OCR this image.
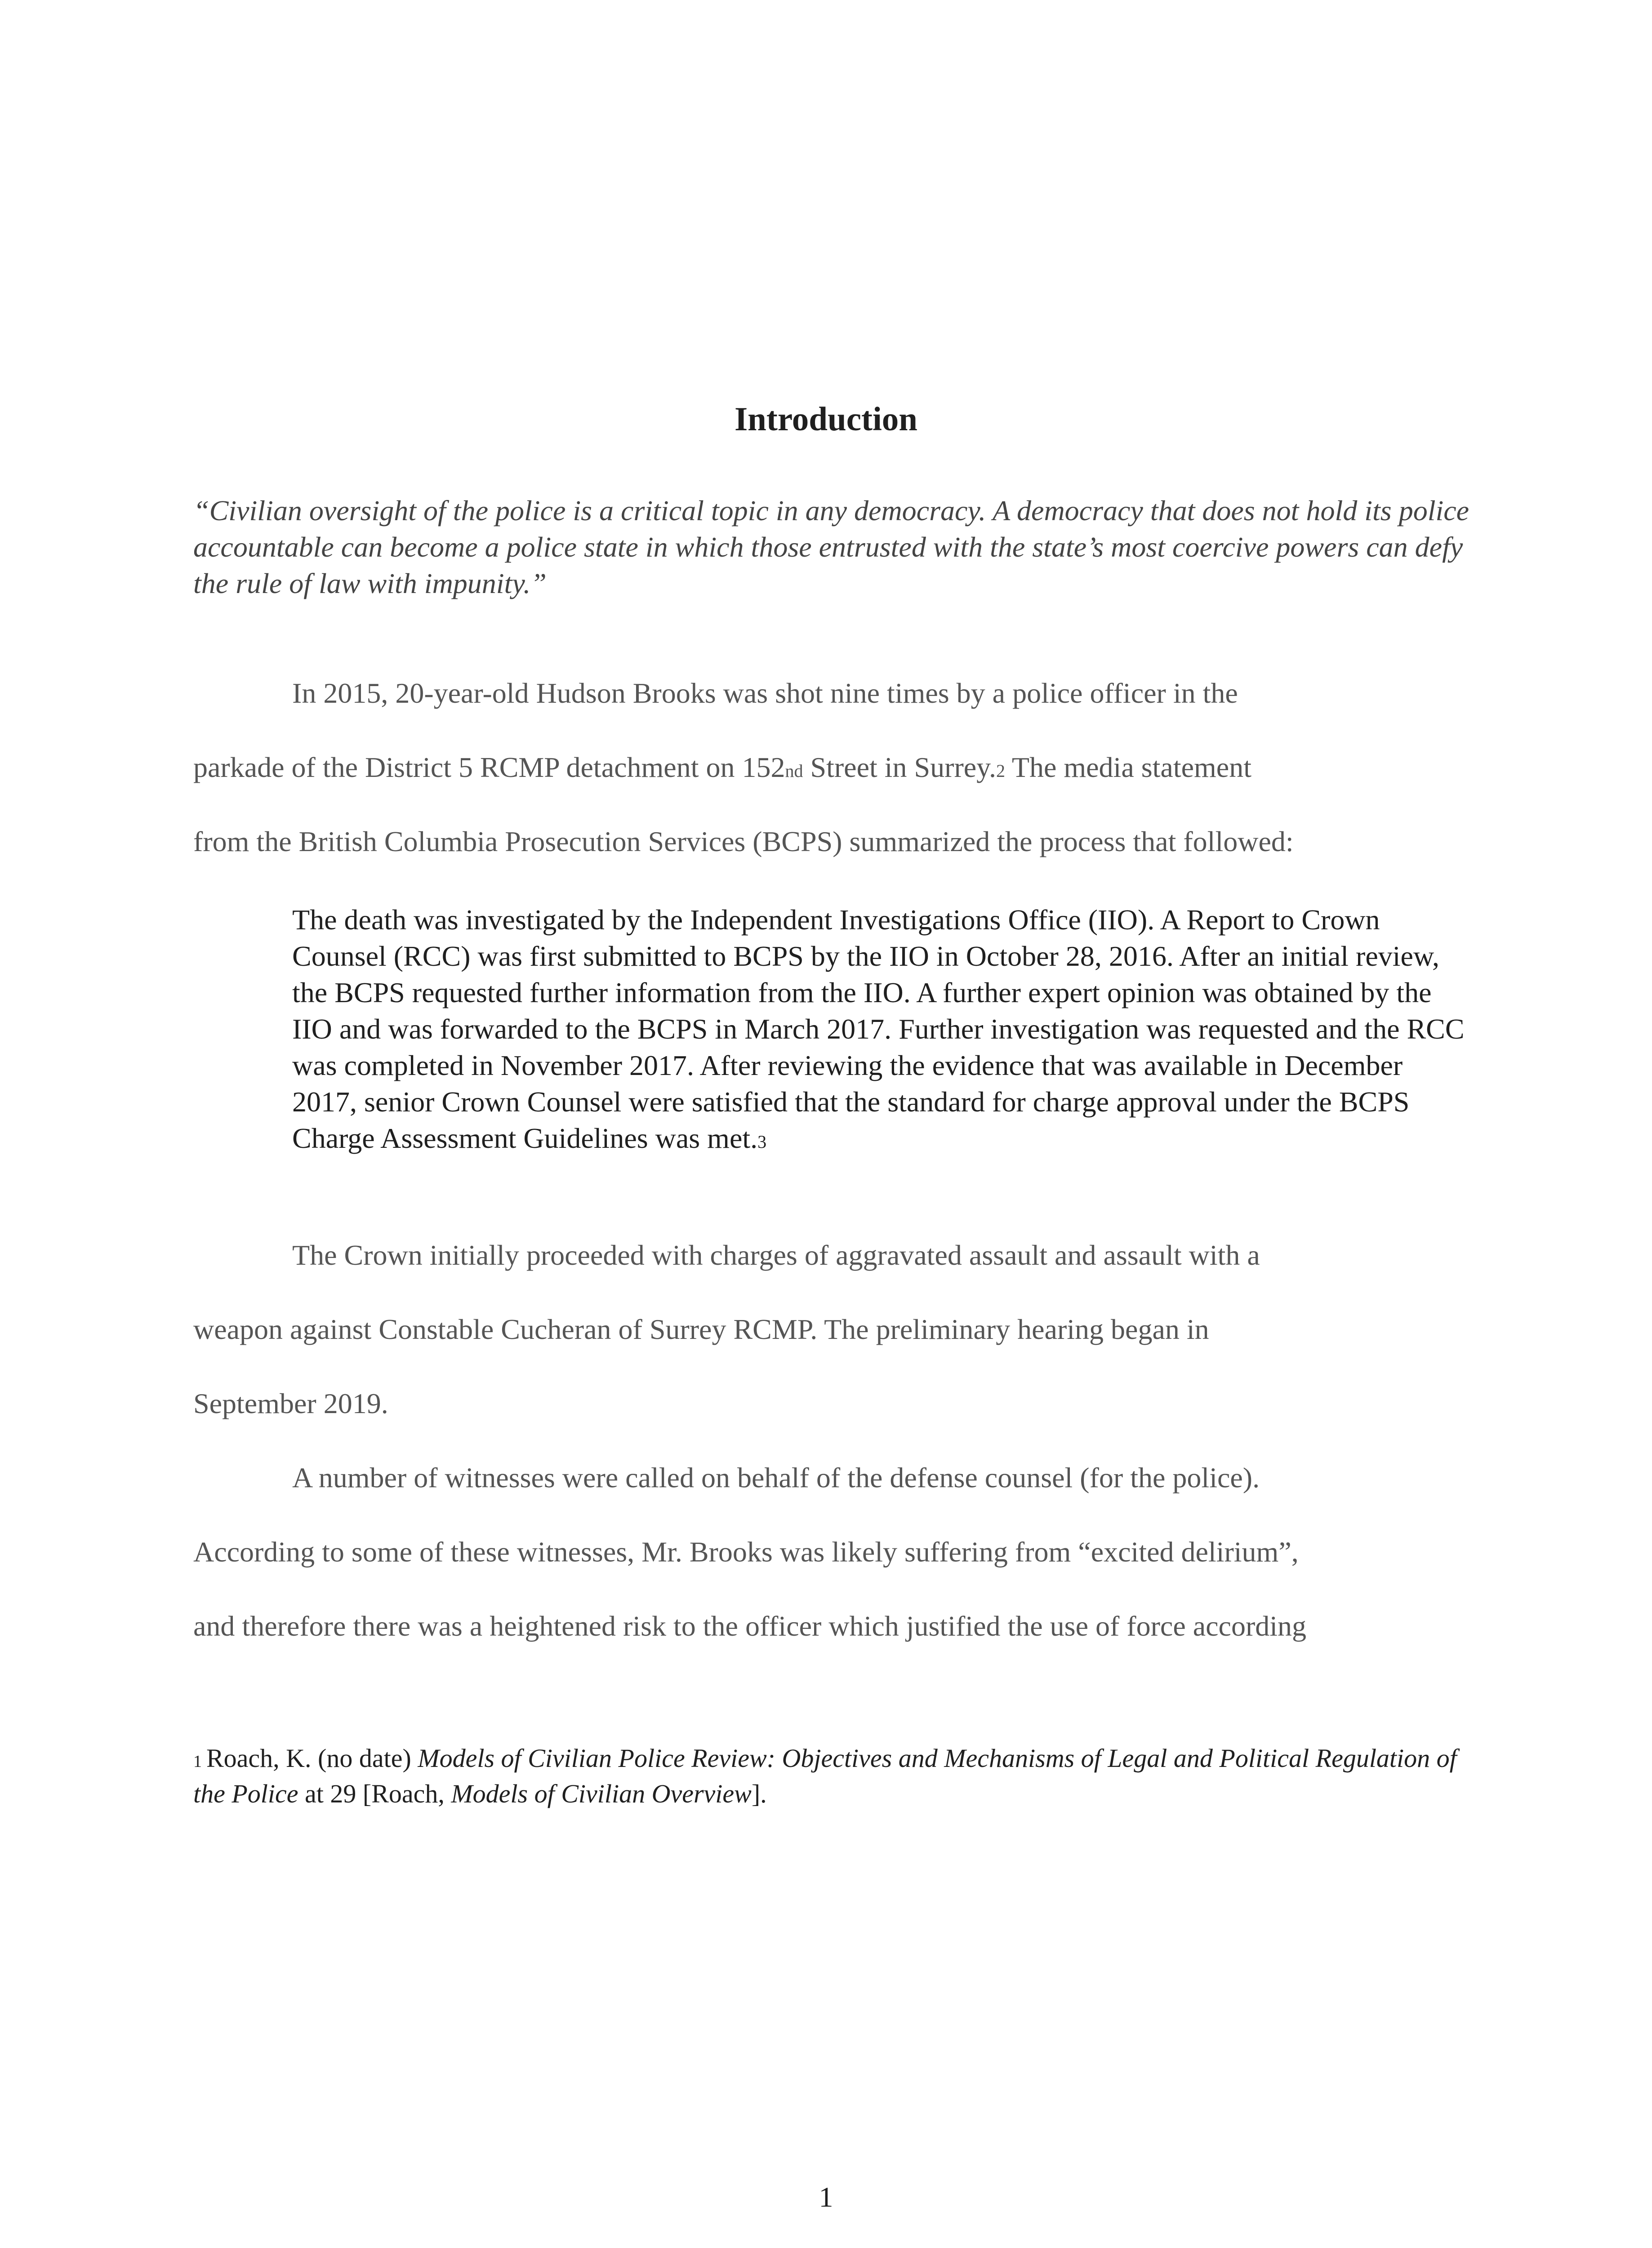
Introduction
“Civilian oversight of the police is a critical topic in any democracy. A democracy that does not hold its police accountable can become a police state in which those entrusted with the state’s most coercive powers can defy the rule of law with impunity.”
In 2015, 20-year-old Hudson Brooks was shot nine times by a police officer in the
parkade of the District 5 RCMP detachment on 152nd Street in Surrey.2 The media statement
from the British Columbia Prosecution Services (BCPS) summarized the process that followed:
The death was investigated by the Independent Investigations Office (IIO). A Report to Crown Counsel (RCC) was first submitted to BCPS by the IIO in October 28, 2016. After an initial review, the BCPS requested further information from the IIO. A further expert opinion was obtained by the IIO and was forwarded to the BCPS in March 2017. Further investigation was requested and the RCC was completed in November 2017. After reviewing the evidence that was available in December 2017, senior Crown Counsel were satisfied that the standard for charge approval under the BCPS Charge Assessment Guidelines was met.3
The Crown initially proceeded with charges of aggravated assault and assault with a
weapon against Constable Cucheran of Surrey RCMP. The preliminary hearing began in
September 2019.
A number of witnesses were called on behalf of the defense counsel (for the police).
According to some of these witnesses, Mr. Brooks was likely suffering from “excited delirium”,
and therefore there was a heightened risk to the officer which justified the use of force according
1 Roach, K. (no date) Models of Civilian Police Review: Objectives and Mechanisms of Legal and Political Regulation of the Police at 29 [Roach, Models of Civilian Overview].
1
